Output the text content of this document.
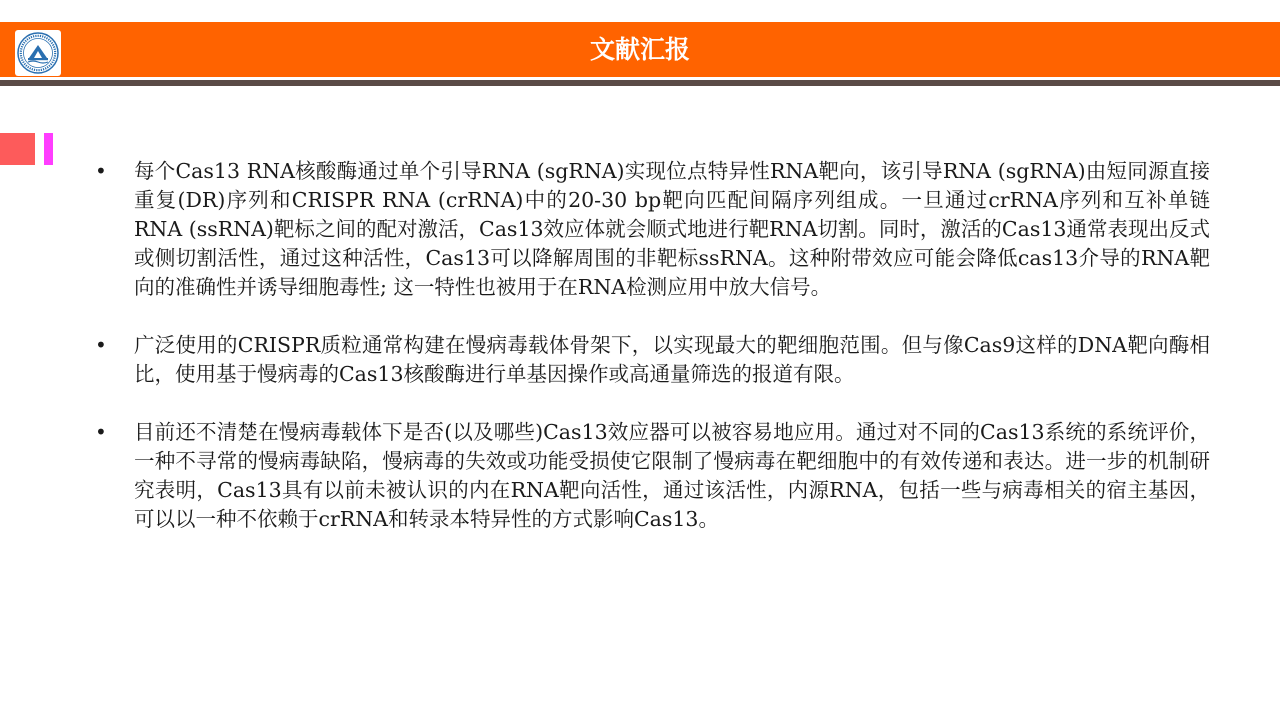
文献汇报
• 每个Cas13 RNA核酸酶通过单个引导RNA (sgRNA)实现位点特异性RNA靶向，该引导RNA (sgRNA)由短同源直接重复(DR)序列和CRISPR RNA (crRNA)中的20-30 bp靶向匹配间隔序列组成。一旦通过crRNA序列和互补单链RNA (ssRNA)靶标之间的配对激活，Cas13效应体就会顺式地进行靶RNA切割。同时，激活的Cas13通常表现出反式或侧切割活性，通过这种活性，Cas13可以降解周围的非靶标ssRNA。这种附带效应可能会降低cas13介导的RNA靶向的准确性并诱导细胞毒性; 这一特性也被用于在RNA检测应用中放大信号。
• 广泛使用的CRISPR质粒通常构建在慢病毒载体骨架下，以实现最大的靶细胞范围。但与像Cas9这样的DNA靶向酶相比，使用基于慢病毒的Cas13核酸酶进行单基因操作或高通量筛选的报道有限。
• 目前还不清楚在慢病毒载体下是否(以及哪些)Cas13效应器可以被容易地应用。通过对不同的Cas13系统的系统评价，一种不寻常的慢病毒缺陷，慢病毒的失效或功能受损使它限制了慢病毒在靶细胞中的有效传递和表达。进一步的机制研究表明，Cas13具有以前未被认识的内在RNA靶向活性，通过该活性，内源RNA，包括一些与病毒相关的宿主基因，可以以一种不依赖于crRNA和转录本特异性的方式影响Cas13。
